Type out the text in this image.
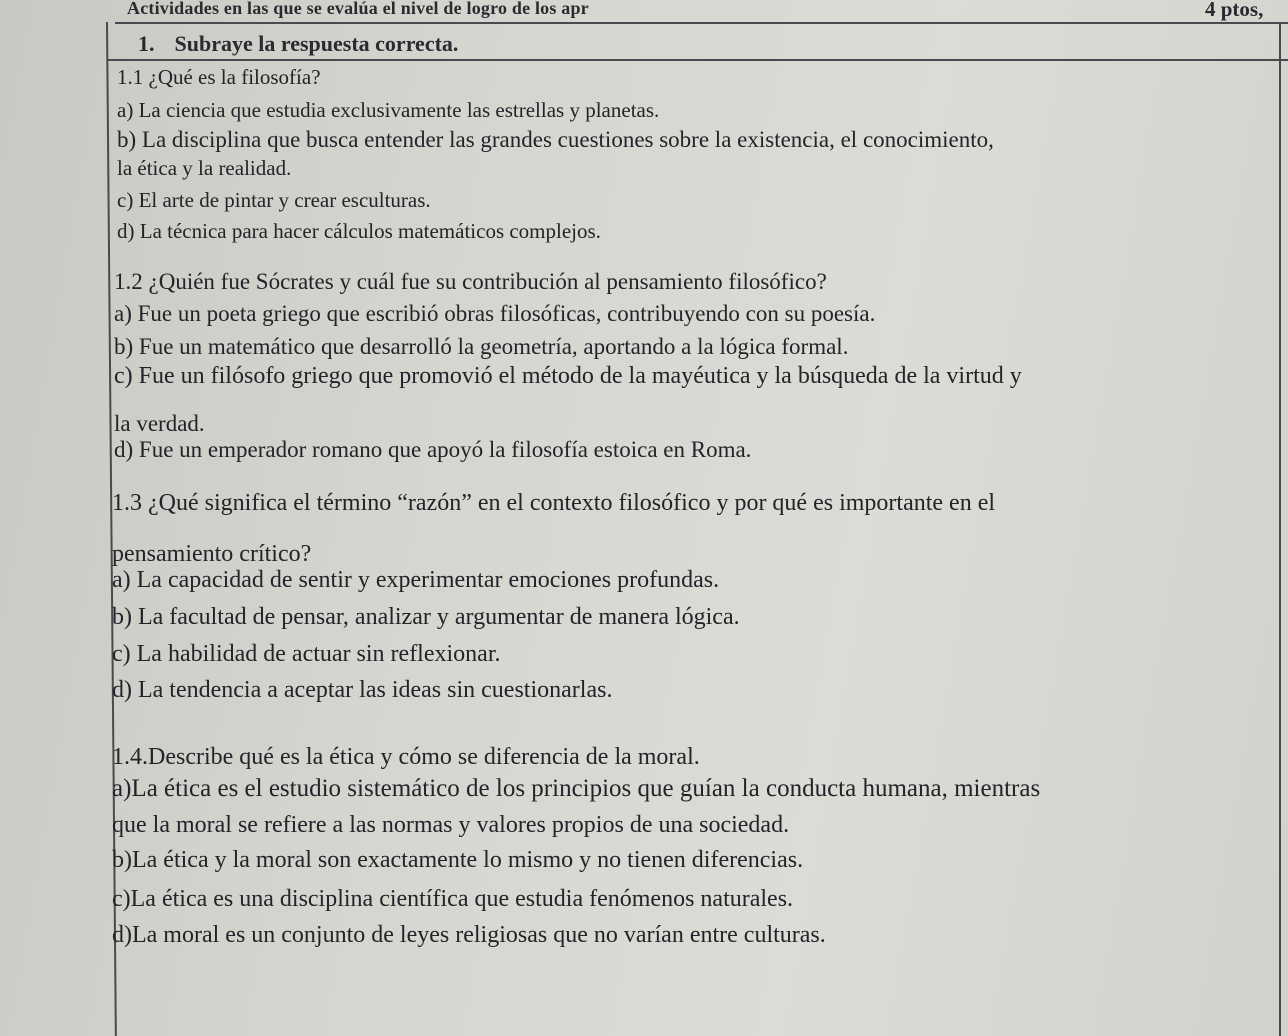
Actividades en las que se evalúa el nivel de logro de los apr	4 ptos,
1. Subraye la respuesta correcta.
1.1 ¿Qué es la filosofía?
a) La ciencia que estudia exclusivamente las estrellas y planetas.
b) La disciplina que busca entender las grandes cuestiones sobre la existencia, el conocimiento,
la ética y la realidad.
c) El arte de pintar y crear esculturas.
d) La técnica para hacer cálculos matemáticos complejos.
1.2 ¿Quién fue Sócrates y cuál fue su contribución al pensamiento filosófico?
a) Fue un poeta griego que escribió obras filosóficas, contribuyendo con su poesía.
b) Fue un matemático que desarrolló la geometría, aportando a la lógica formal.
c) Fue un filósofo griego que promovió el método de la mayéutica y la búsqueda de la virtud y
la verdad.
d) Fue un emperador romano que apoyó la filosofía estoica en Roma.
1.3 ¿Qué significa el término “razón” en el contexto filosófico y por qué es importante en el
pensamiento crítico?
a) La capacidad de sentir y experimentar emociones profundas.
b) La facultad de pensar, analizar y argumentar de manera lógica.
c) La habilidad de actuar sin reflexionar.
d) La tendencia a aceptar las ideas sin cuestionarlas.
1.4.Describe qué es la ética y cómo se diferencia de la moral.
a)La ética es el estudio sistemático de los principios que guían la conducta humana, mientras
que la moral se refiere a las normas y valores propios de una sociedad.
b)La ética y la moral son exactamente lo mismo y no tienen diferencias.
c)La ética es una disciplina científica que estudia fenómenos naturales.
d)La moral es un conjunto de leyes religiosas que no varían entre culturas.
